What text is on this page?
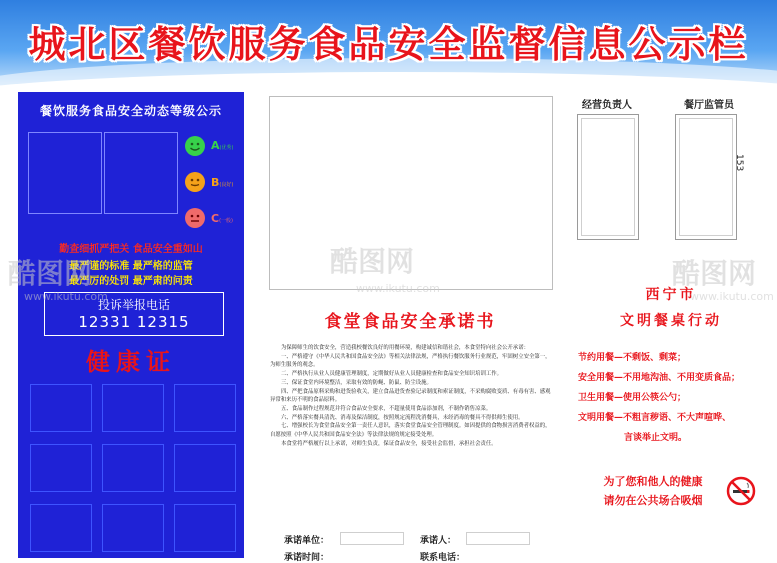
城北区餐饮服务食品安全监督信息公示栏
餐饮服务食品安全动态等级公示
A(优秀)
B(良好)
C(一般)
勤查细抓严把关 食品安全重如山
最严谨的标准 最严格的监管
最严厉的处罚 最严肃的问责
投诉举报电话
12331 12315
健康证
食堂食品安全承诺书

为保障师生的饮食安全，营造我校餐饮良好的用餐环境，构建诚信和谐社会，本食堂特向社会公开承诺：

一、严格遵守《中华人民共和国食品安全法》等相关法律法规，严格执行餐饮服务行业规范，牢固树立安全第一，为师生服务的观念。

二、严格执行从业人员健康管理制度，定期做好从业人员健康检查和食品安全知识培训工作。

三、保证食堂内环境整洁，采取有效的防蝇、防鼠、防尘设施。

四、严把食品原料采购和进货验收关，建立食品进货查验记录制度和索证制度，不采购腐败变质、有毒有害、感观异常和来历不明的食品原料。

五、食品制作过程规范并符合食品安全要求，不超量使用食品添加剂，不制作销售凉菜。

六、严格落实餐具清洗、消毒及保洁制度，按照规定流程洗消餐具，未经消毒的餐具不得供师生使用。

七、增强校长为食堂食品安全第一责任人意识，落实食堂食品安全管理制度。如因提供的食物损害消费者权益的，自愿按照《中华人民共和国食品安全法》等法律法规的规定接受处理。

本食堂将严格履行以上承诺，对师生负责，保证食品安全，接受社会监督，承担社会责任。

承诺单位：	承诺人：
承诺时间：	联系电话：
经营负责人	餐厅监管员
153
西宁市
文明餐桌行动
节约用餐—不剩饭、剩菜；
安全用餐—不用地沟油、不用变质食品；
卫生用餐—使用公筷公勺；
文明用餐—不粗言秽语、不大声喧哗、
言谈举止文明。
为了您和他人的健康
请勿在公共场合吸烟
酷图网
www.ikutu.com
酷图网
www.ikutu.com	酷图网
www.ikutu.com
